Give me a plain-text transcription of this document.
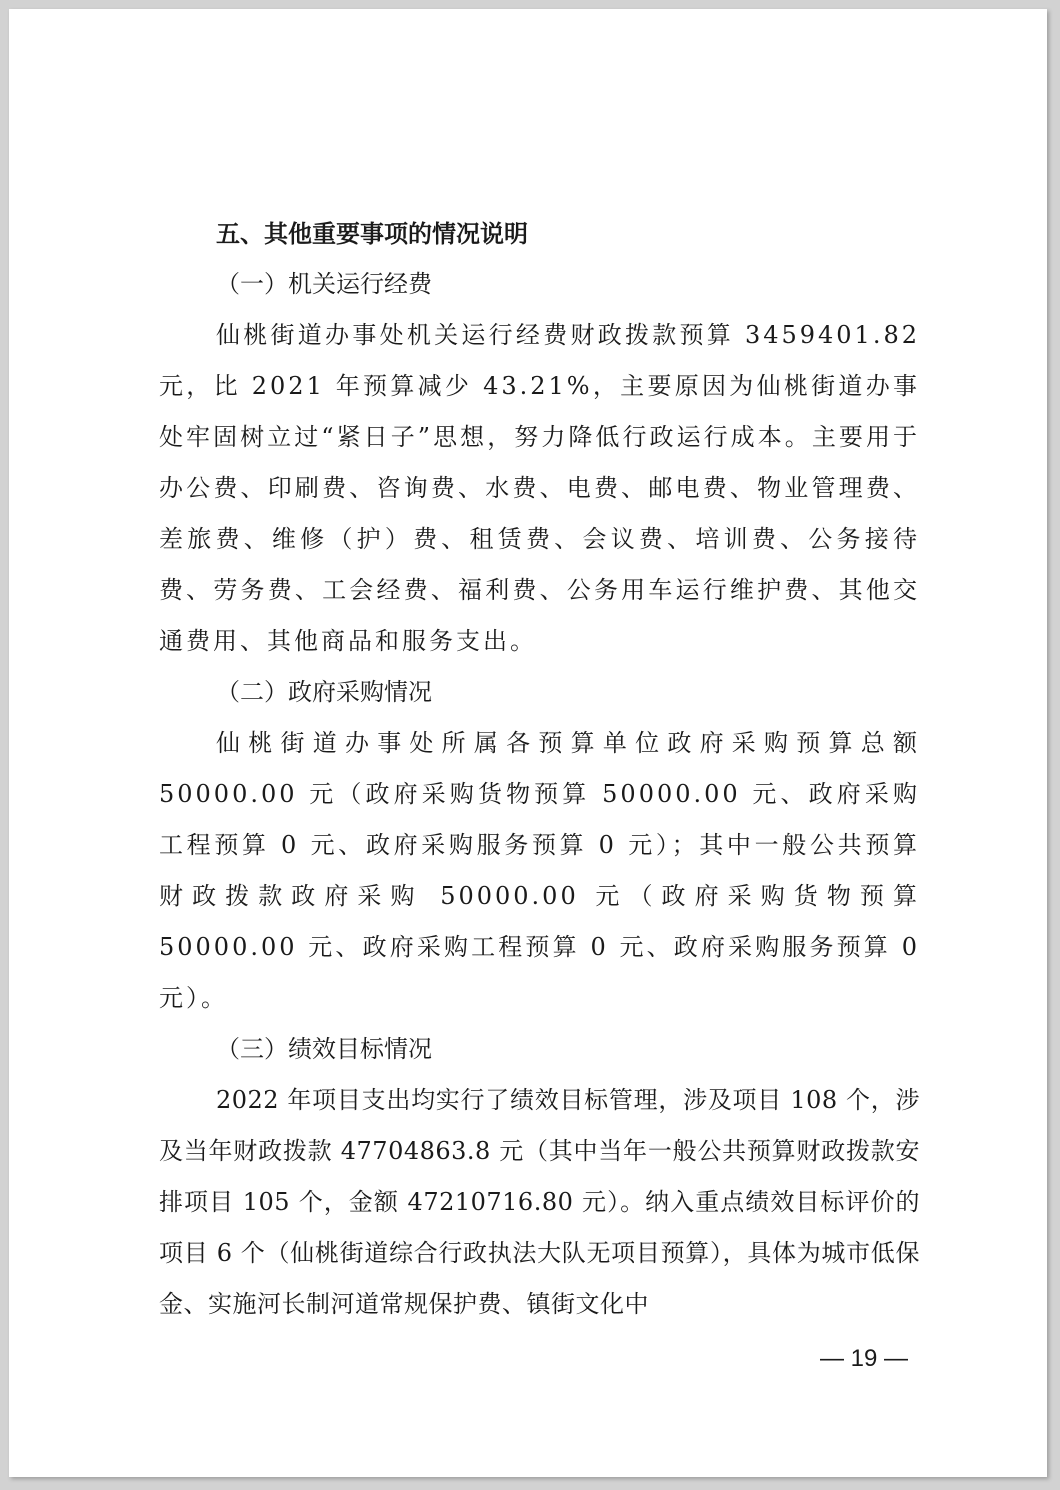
五、其他重要事项的情况说明

（一）机关运行经费

仙桃街道办事处机关运行经费财政拨款预算 3459401.82 元，比 2021 年预算减少 43.21%，主要原因为仙桃街道办事处牢固树立过“紧日子”思想，努力降低行政运行成本。主要用于办公费、印刷费、咨询费、水费、电费、邮电费、物业管理费、差旅费、维修（护）费、租赁费、会议费、培训费、公务接待费、劳务费、工会经费、福利费、公务用车运行维护费、其他交通费用、其他商品和服务支出。

（二）政府采购情况

仙桃街道办事处所属各预算单位政府采购预算总额 50000.00 元（政府采购货物预算 50000.00 元、政府采购工程预算 0 元、政府采购服务预算 0 元）；其中一般公共预算财政拨款政府采购 50000.00 元（政府采购货物预算 50000.00 元、政府采购工程预算 0 元、政府采购服务预算 0 元）。

（三）绩效目标情况

2022 年项目支出均实行了绩效目标管理，涉及项目 108 个，涉及当年财政拨款 47704863.8 元（其中当年一般公共预算财政拨款安排项目 105 个，金额 47210716.80 元）。纳入重点绩效目标评价的项目 6 个（仙桃街道综合行政执法大队无项目预算），具体为城市低保金、实施河长制河道常规保护费、镇街文化中

— 19 —
